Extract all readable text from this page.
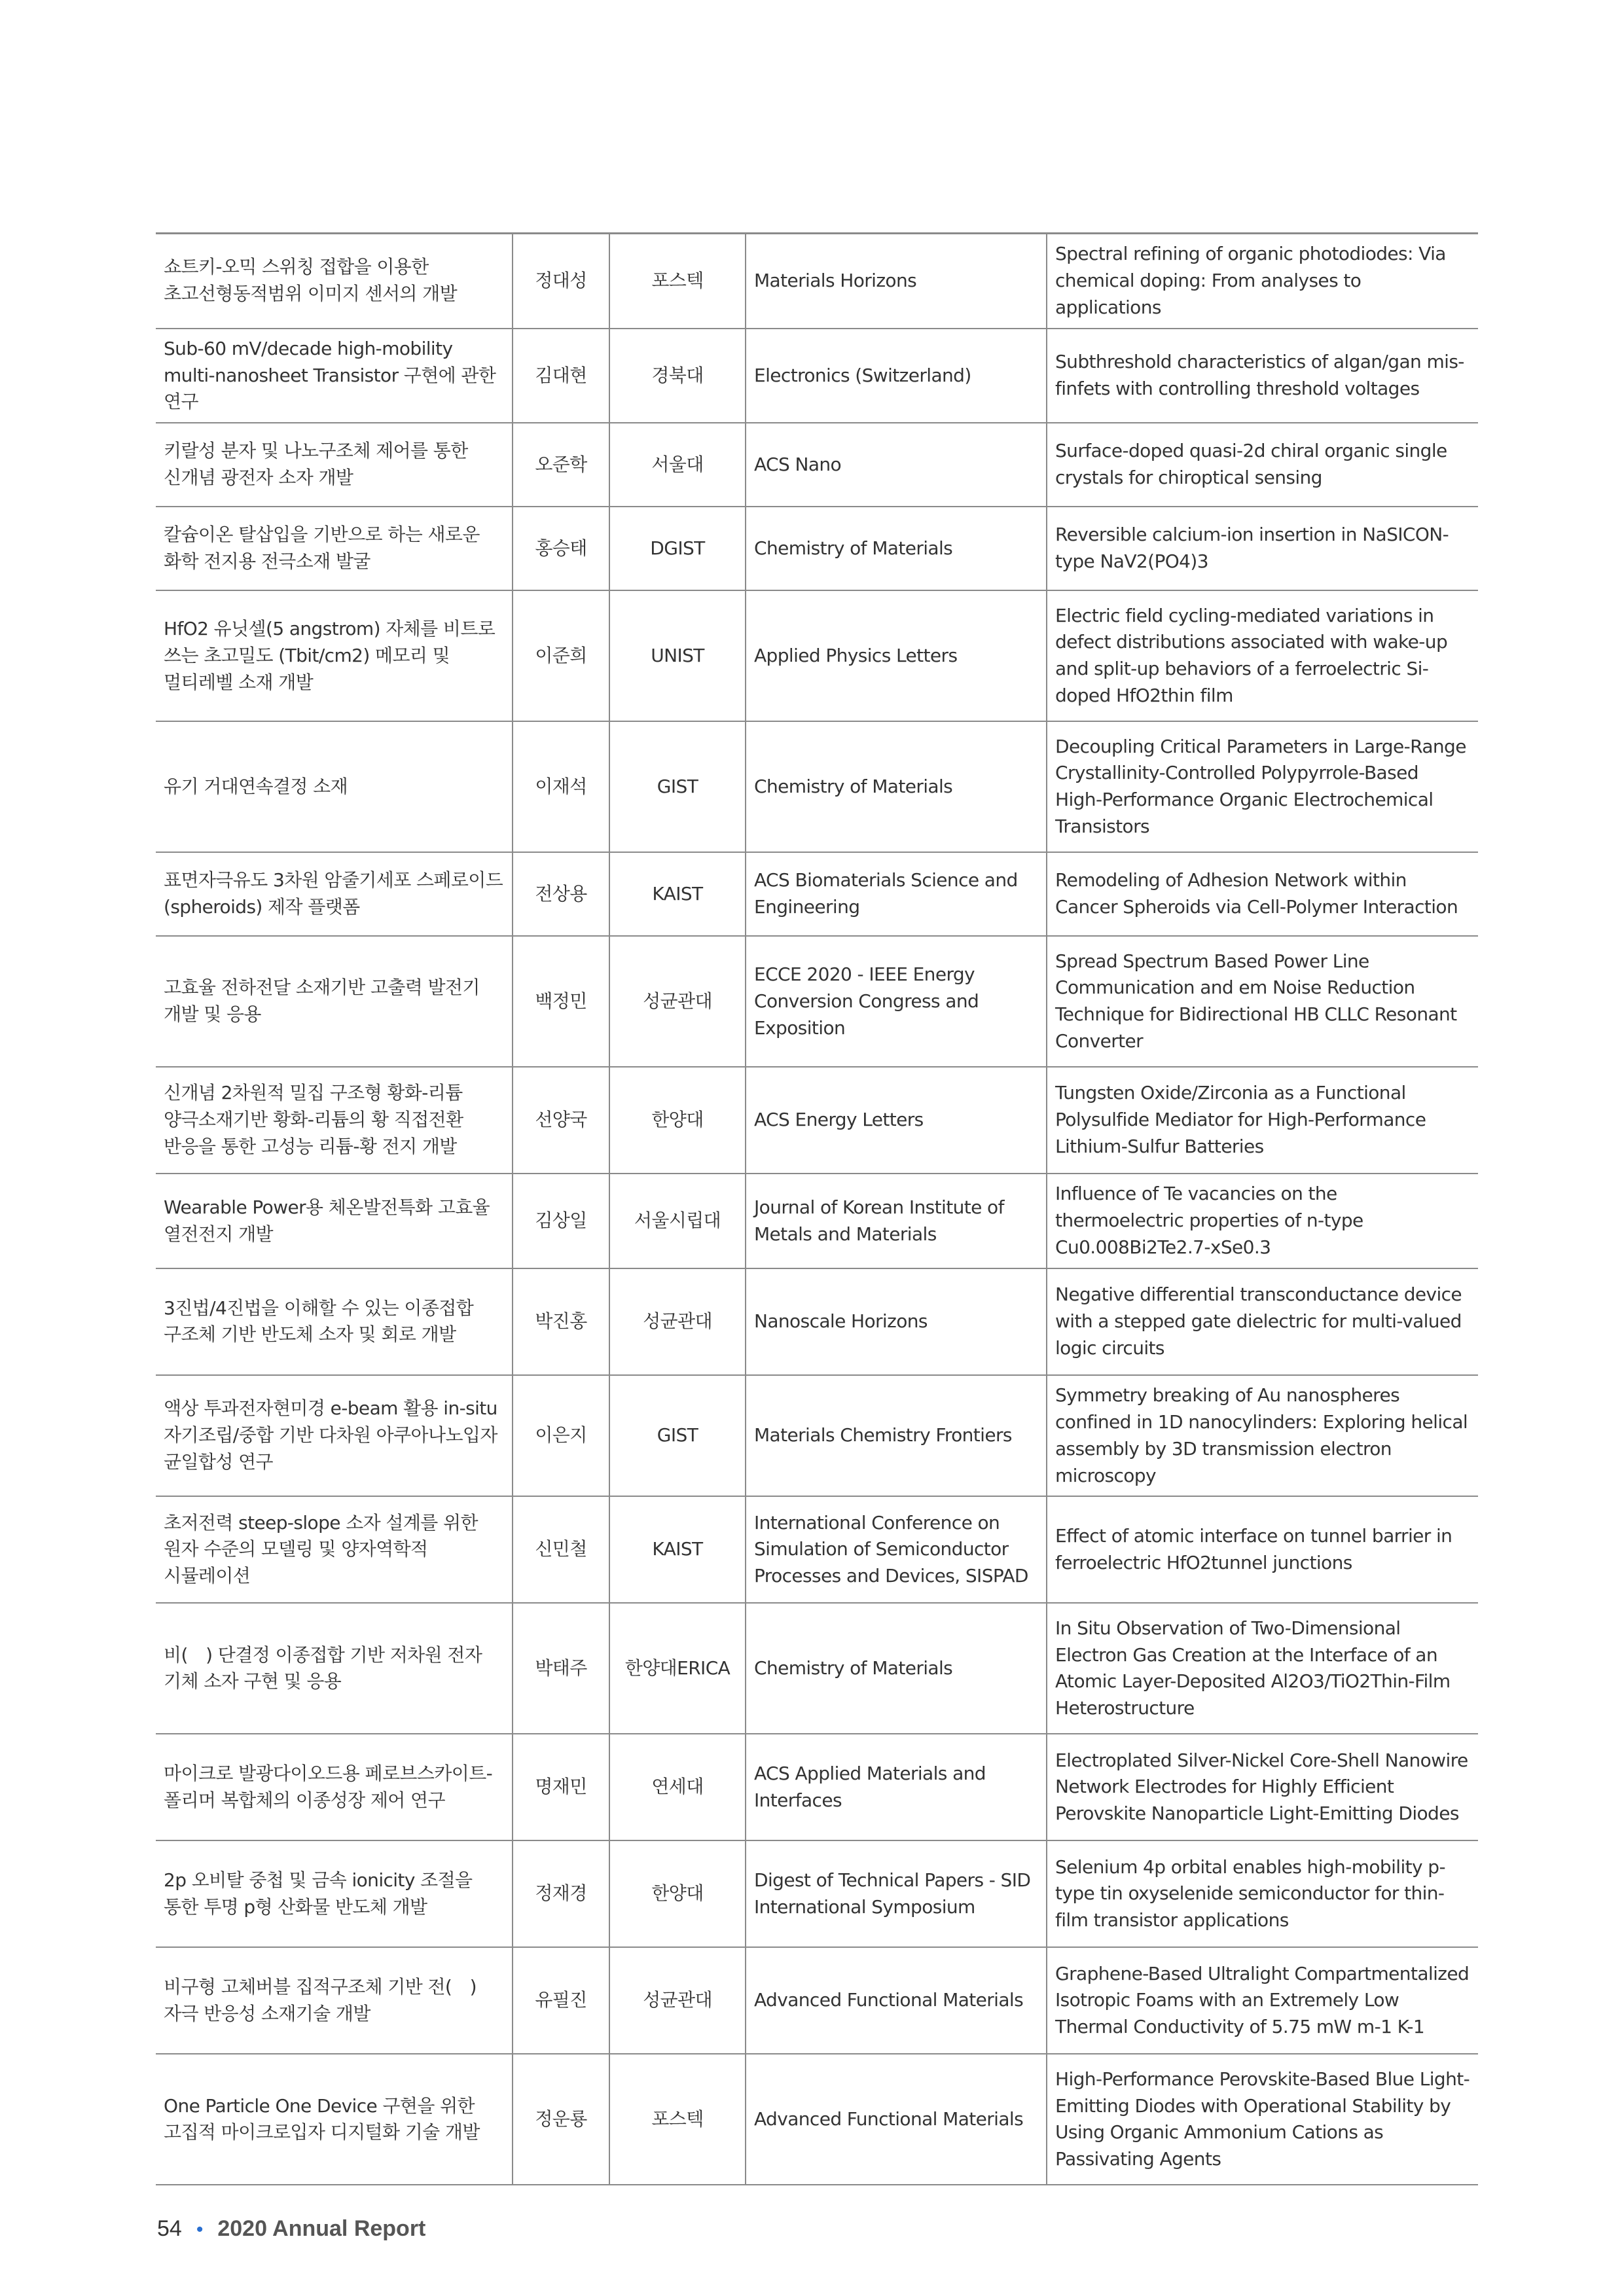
쇼트키-오믹 스위칭 접합을 이용한 초고선형동적범위 이미지 센서의 개발	정대성	포스텍	Materials Horizons	Spectral refining of organic photodiodes: Via chemical doping: From analyses to applications
Sub-60 mV/decade high-mobility multi-nanosheet Transistor 구현에 관한 연구	김대현	경북대	Electronics (Switzerland)	Subthreshold characteristics of algan/gan mis-finfets with controlling threshold voltages
키랄성 분자 및 나노구조체 제어를 통한 신개념 광전자 소자 개발	오준학	서울대	ACS Nano	Surface-doped quasi-2d chiral organic single crystals for chiroptical sensing
칼슘이온 탈삽입을 기반으로 하는 새로운 화학 전지용 전극소재 발굴	홍승태	DGIST	Chemistry of Materials	Reversible calcium-ion insertion in NaSICON-type NaV2(PO4)3
HfO2 유닛셀(5 angstrom) 자체를 비트로 쓰는 초고밀도 (Tbit/cm2) 메모리 및 멀티레벨 소재 개발	이준희	UNIST	Applied Physics Letters	Electric field cycling-mediated variations in defect distributions associated with wake-up and split-up behaviors of a ferroelectric Si-doped HfO2thin film
유기 거대연속결정 소재	이재석	GIST	Chemistry of Materials	Decoupling Critical Parameters in Large-Range Crystallinity-Controlled Polypyrrole-Based High-Performance Organic Electrochemical Transistors
표면자극유도 3차원 암줄기세포 스페로이드(spheroids) 제작 플랫폼	전상용	KAIST	ACS Biomaterials Science and Engineering	Remodeling of Adhesion Network within Cancer Spheroids via Cell-Polymer Interaction
고효율 전하전달 소재기반 고출력 발전기 개발 및 응용	백정민	성균관대	ECCE 2020 - IEEE Energy Conversion Congress and Exposition	Spread Spectrum Based Power Line Communication and em Noise Reduction Technique for Bidirectional HB CLLC Resonant Converter
신개념 2차원적 밀집 구조형 황화-리튬 양극소재기반 황화-리튬의 황 직접전환 반응을 통한 고성능 리튬-황 전지 개발	선양국	한양대	ACS Energy Letters	Tungsten Oxide/Zirconia as a Functional Polysulfide Mediator for High-Performance Lithium-Sulfur Batteries
Wearable Power용 체온발전특화 고효율 열전전지 개발	김상일	서울시립대	Journal of Korean Institute of Metals and Materials	Influence of Te vacancies on the thermoelectric properties of n-type Cu0.008Bi2Te2.7-xSe0.3
3진법/4진법을 이해할 수 있는 이종접합 구조체 기반 반도체 소자 및 회로 개발	박진홍	성균관대	Nanoscale Horizons	Negative differential transconductance device with a stepped gate dielectric for multi-valued logic circuits
액상 투과전자현미경 e-beam 활용 in-situ 자기조립/중합 기반 다차원 아쿠아나노입자 균일합성 연구	이은지	GIST	Materials Chemistry Frontiers	Symmetry breaking of Au nanospheres confined in 1D nanocylinders: Exploring helical assembly by 3D transmission electron microscopy
초저전력 steep-slope 소자 설계를 위한 원자 수준의 모델링 및 양자역학적 시뮬레이션	신민철	KAIST	International Conference on Simulation of Semiconductor Processes and Devices, SISPAD	Effect of atomic interface on tunnel barrier in ferroelectric HfO2tunnel junctions
비(　) 단결정 이종접합 기반 저차원 전자 기체 소자 구현 및 응용	박태주	한양대ERICA	Chemistry of Materials	In Situ Observation of Two-Dimensional Electron Gas Creation at the Interface of an Atomic Layer-Deposited Al2O3/TiO2Thin-Film Heterostructure
마이크로 발광다이오드용 페로브스카이트-폴리머 복합체의 이종성장 제어 연구	명재민	연세대	ACS Applied Materials and Interfaces	Electroplated Silver-Nickel Core-Shell Nanowire Network Electrodes for Highly Efficient Perovskite Nanoparticle Light-Emitting Diodes
2p 오비탈 중첩 및 금속 ionicity 조절을 통한 투명 p형 산화물 반도체 개발	정재경	한양대	Digest of Technical Papers - SID International Symposium	Selenium 4p orbital enables high-mobility p-type tin oxyselenide semiconductor for thin-film transistor applications
비구형 고체버블 집적구조체 기반 전(　)자극 반응성 소재기술 개발	유필진	성균관대	Advanced Functional Materials	Graphene-Based Ultralight Compartmentalized Isotropic Foams with an Extremely Low Thermal Conductivity of 5.75 mW m-1 K-1
One Particle One Device 구현을 위한 고집적 마이크로입자 디지털화 기술 개발	정운룡	포스텍	Advanced Functional Materials	High-Performance Perovskite-Based Blue Light-Emitting Diodes with Operational Stability by Using Organic Ammonium Cations as Passivating Agents
54 • 2020 Annual Report
